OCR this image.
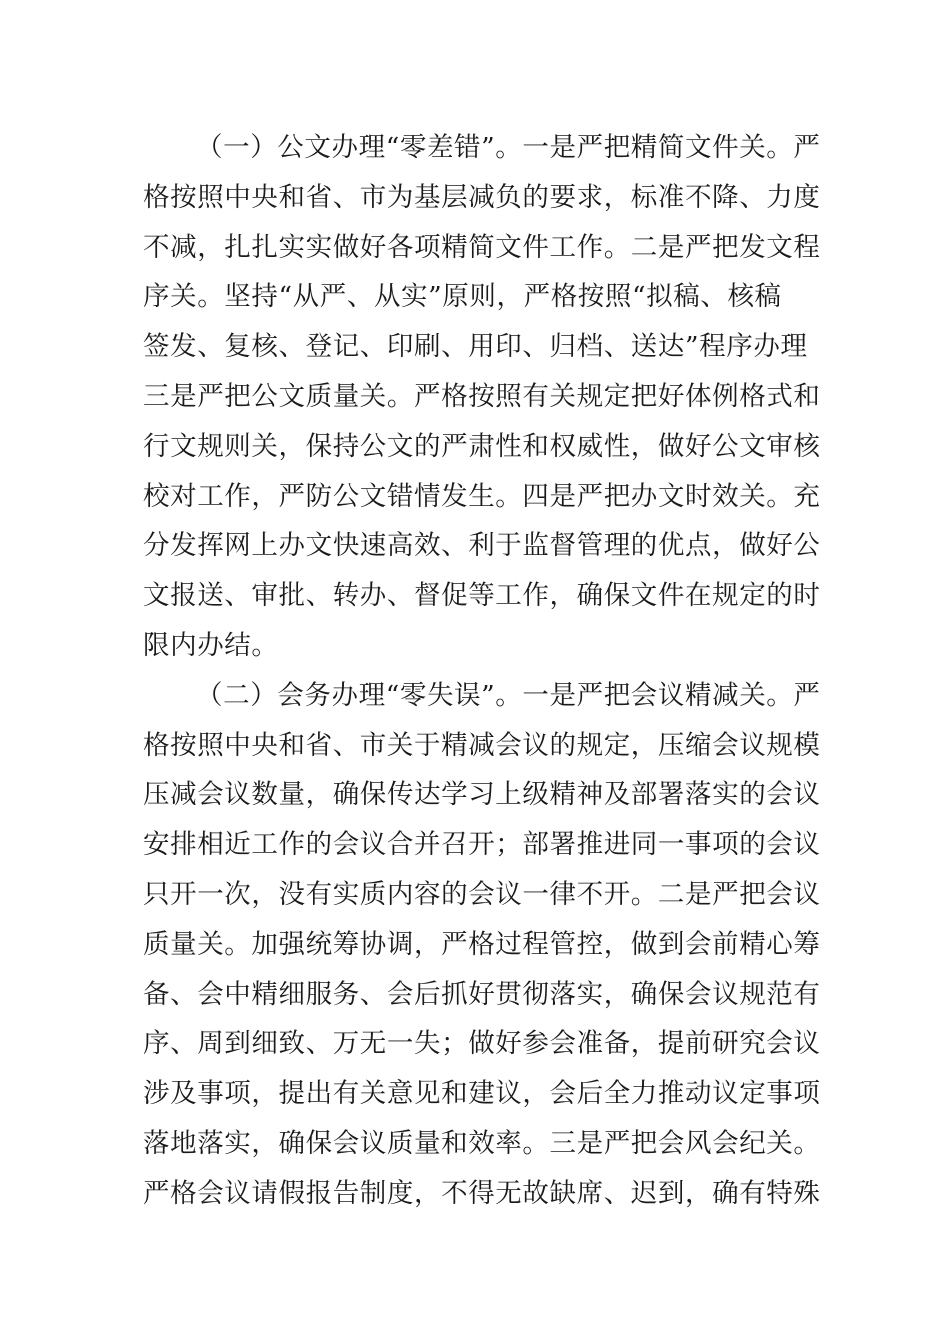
（一）公文办理“零差错”。一是严把精简文件关。严
格按照中央和省、市为基层减负的要求，标准不降、力度
不减，扎扎实实做好各项精简文件工作。二是严把发文程
序关。坚持“从严、从实”原则，严格按照“拟稿、核稿
签发、复核、登记、印刷、用印、归档、送达”程序办理
三是严把公文质量关。严格按照有关规定把好体例格式和
行文规则关，保持公文的严肃性和权威性，做好公文审核
校对工作，严防公文错情发生。四是严把办文时效关。充
分发挥网上办文快速高效、利于监督管理的优点，做好公
文报送、审批、转办、督促等工作，确保文件在规定的时
限内办结。
（二）会务办理“零失误”。一是严把会议精减关。严
格按照中央和省、市关于精减会议的规定，压缩会议规模
压减会议数量，确保传达学习上级精神及部署落实的会议
安排相近工作的会议合并召开；部署推进同一事项的会议
只开一次，没有实质内容的会议一律不开。二是严把会议
质量关。加强统筹协调，严格过程管控，做到会前精心筹
备、会中精细服务、会后抓好贯彻落实，确保会议规范有
序、周到细致、万无一失；做好参会准备，提前研究会议
涉及事项，提出有关意见和建议，会后全力推动议定事项
落地落实，确保会议质量和效率。三是严把会风会纪关。
严格会议请假报告制度，不得无故缺席、迟到，确有特殊
